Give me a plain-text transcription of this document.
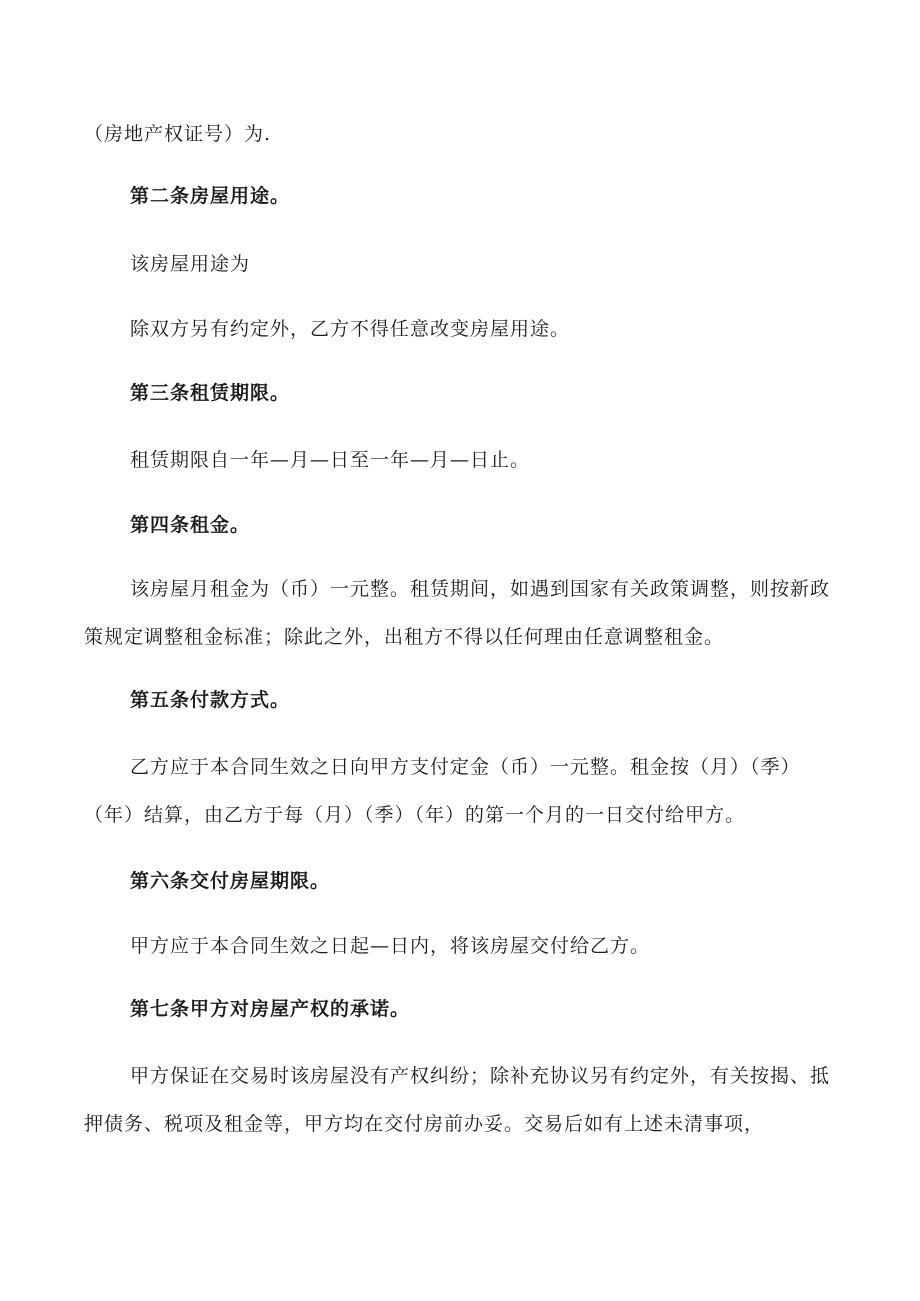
（房地产权证号）为.

第二条房屋用途。

该房屋用途为

除双方另有约定外，乙方不得任意改变房屋用途。

第三条租赁期限。

租赁期限自一年—月—日至一年—月—日止。

第四条租金。

该房屋月租金为（币）一元整。租赁期间，如遇到国家有关政策调整，则按新政

策规定调整租金标准；除此之外，出租方不得以任何理由任意调整租金。

第五条付款方式。

乙方应于本合同生效之日向甲方支付定金（币）一元整。租金按（月）（季）

（年）结算，由乙方于每（月）（季）（年）的第一个月的一日交付给甲方。

第六条交付房屋期限。

甲方应于本合同生效之日起—日内，将该房屋交付给乙方。

第七条甲方对房屋产权的承诺。

甲方保证在交易时该房屋没有产权纠纷；除补充协议另有约定外，有关按揭、抵

押债务、税项及租金等，甲方均在交付房前办妥。交易后如有上述未清事项，
